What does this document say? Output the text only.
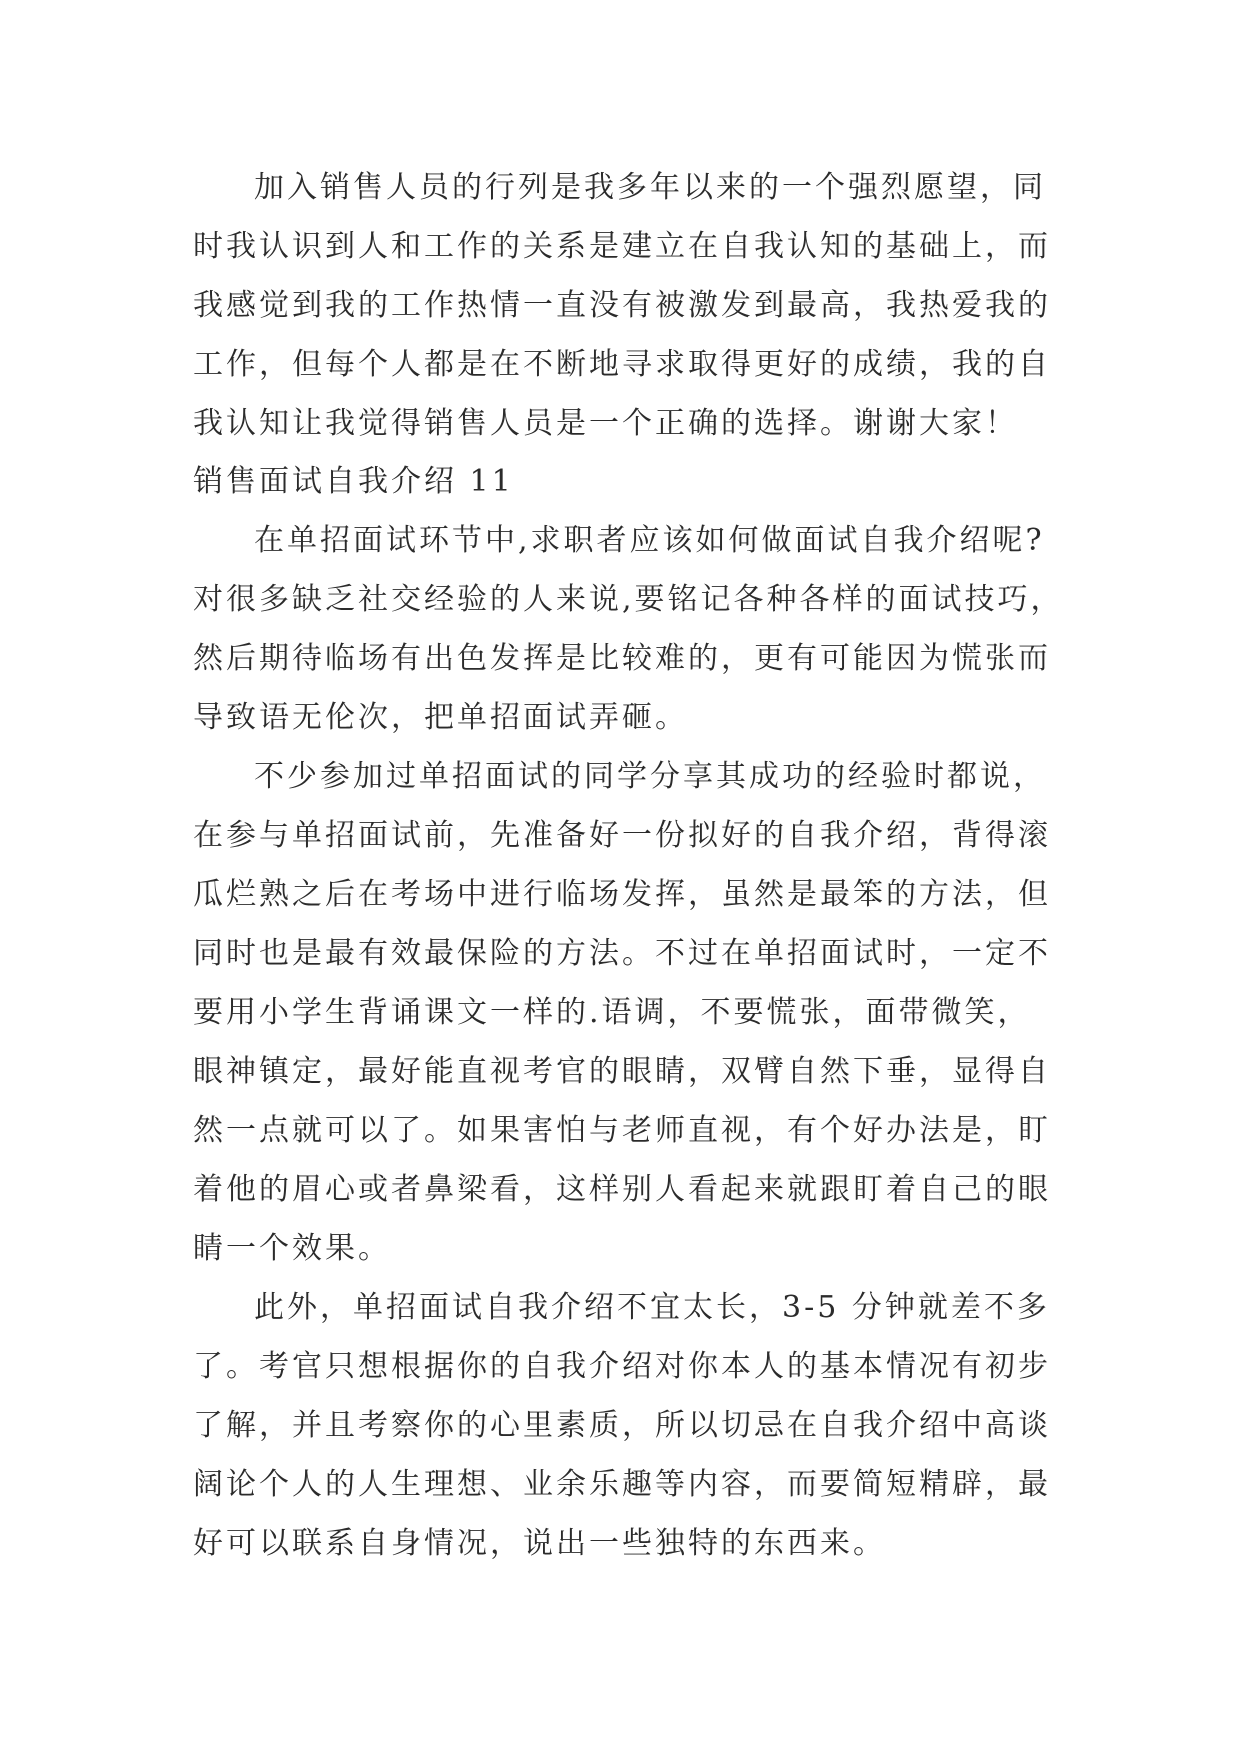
加入销售人员的行列是我多年以来的一个强烈愿望，同
时我认识到人和工作的关系是建立在自我认知的基础上，而
我感觉到我的工作热情一直没有被激发到最高，我热爱我的
工作，但每个人都是在不断地寻求取得更好的成绩，我的自
我认知让我觉得销售人员是一个正确的选择。谢谢大家！
销售面试自我介绍 11
在单招面试环节中,求职者应该如何做面试自我介绍呢?
对很多缺乏社交经验的人来说,要铭记各种各样的面试技巧，
然后期待临场有出色发挥是比较难的，更有可能因为慌张而
导致语无伦次，把单招面试弄砸。
不少参加过单招面试的同学分享其成功的经验时都说，
在参与单招面试前，先准备好一份拟好的自我介绍，背得滚
瓜烂熟之后在考场中进行临场发挥，虽然是最笨的方法，但
同时也是最有效最保险的方法。不过在单招面试时，一定不
要用小学生背诵课文一样的.语调，不要慌张，面带微笑，
眼神镇定，最好能直视考官的眼睛，双臂自然下垂，显得自
然一点就可以了。如果害怕与老师直视，有个好办法是，盯
着他的眉心或者鼻梁看，这样别人看起来就跟盯着自己的眼
睛一个效果。
此外，单招面试自我介绍不宜太长，3-5 分钟就差不多
了。考官只想根据你的自我介绍对你本人的基本情况有初步
了解，并且考察你的心里素质，所以切忌在自我介绍中高谈
阔论个人的人生理想、业余乐趣等内容，而要简短精辟，最
好可以联系自身情况，说出一些独特的东西来。
